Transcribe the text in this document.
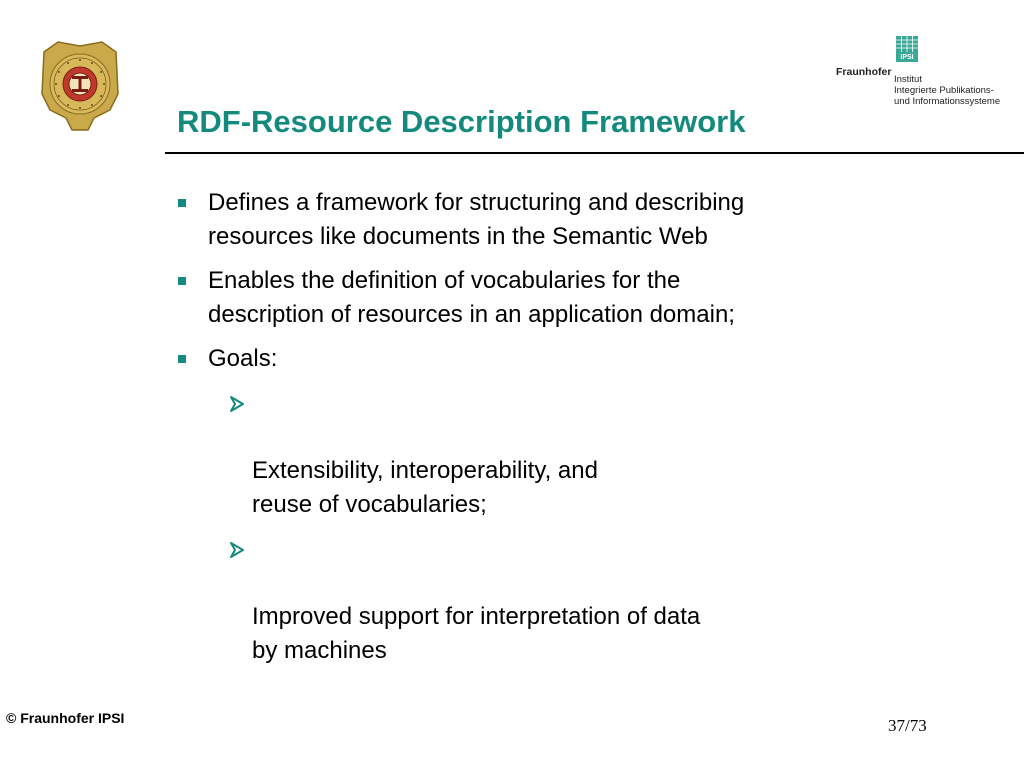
IPSI
Fraunhofer
Institut
Integrierte Publikations-
und Informationssysteme
RDF-Resource Description Framework
Defines a framework for structuring and describing
resources like documents in the Semantic Web
Enables the definition of vocabularies for the
description of resources in an application domain;
Goals:

Extensibility, interoperability, and
reuse of vocabularies;

Improved support for interpretation of data
by machines

© Fraunhofer IPSI	37/73
